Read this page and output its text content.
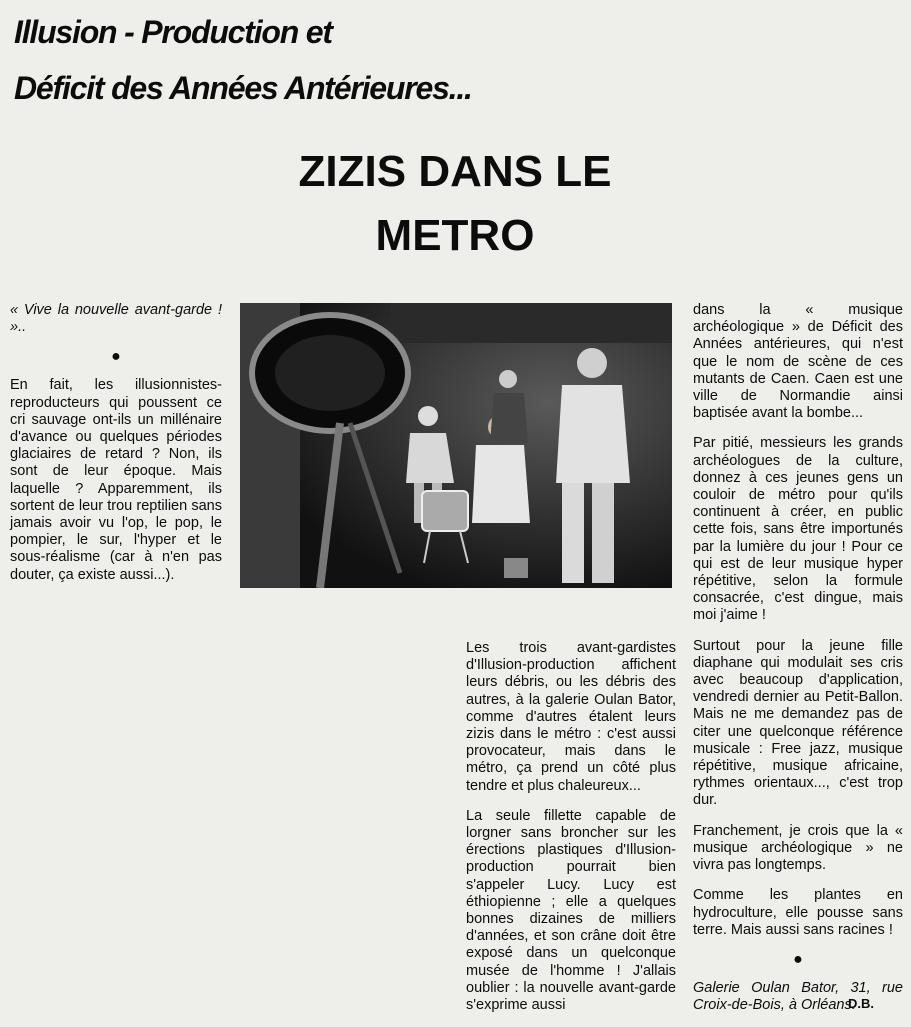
Illusion - Production et
Déficit des Années Antérieures...
ZIZIS DANS LE
METRO

« Vive la nouvelle avant-garde ! »..

●

En fait, les illusionnistes-reproducteurs qui poussent ce cri sauvage ont-ils un millénaire d'avance ou quelques périodes glaciaires de retard ? Non, ils sont de leur époque. Mais laquelle ? Apparemment, ils sortent de leur trou reptilien sans jamais avoir vu l'op, le pop, le pompier, le sur, l'hyper et le sous-réalisme (car à n'en pas douter, ça existe aussi...).

Les trois avant-gardistes d'Illusion-production affichent leurs débris, ou les débris des autres, à la galerie Oulan Bator, comme d'autres étalent leurs zizis dans le métro : c'est aussi provocateur, mais dans le métro, ça prend un côté plus tendre et plus chaleureux...

La seule fillette capable de lorgner sans broncher sur les érections plastiques d'Illusion-production pourrait bien s'appeler Lucy. Lucy est éthiopienne ; elle a quelques bonnes dizaines de milliers d'années, et son crâne doit être exposé dans un quelconque musée de l'homme ! J'allais oublier : la nouvelle avant-garde s'exprime aussi

dans la « musique archéologique » de Déficit des Années antérieures, qui n'est que le nom de scène de ces mutants de Caen. Caen est une ville de Normandie ainsi baptisée avant la bombe...

Par pitié, messieurs les grands archéologues de la culture, donnez à ces jeunes gens un couloir de métro pour qu'ils continuent à créer, en public cette fois, sans être importunés par la lumière du jour ! Pour ce qui est de leur musique hyper répétitive, selon la formule consacrée, c'est dingue, mais moi j'aime !

Surtout pour la jeune fille diaphane qui modulait ses cris avec beaucoup d'application, vendredi dernier au Petit-Ballon. Mais ne me demandez pas de citer une quelconque référence musicale : Free jazz, musique répétitive, musique africaine, rythmes orientaux..., c'est trop dur.

Franchement, je crois que la « musique archéologique » ne vivra pas longtemps.

Comme les plantes en hydroculture, elle pousse sans terre. Mais aussi sans racines !

●

Galerie Oulan Bator, 31, rue Croix-de-Bois, à Orléans.

D.B.
